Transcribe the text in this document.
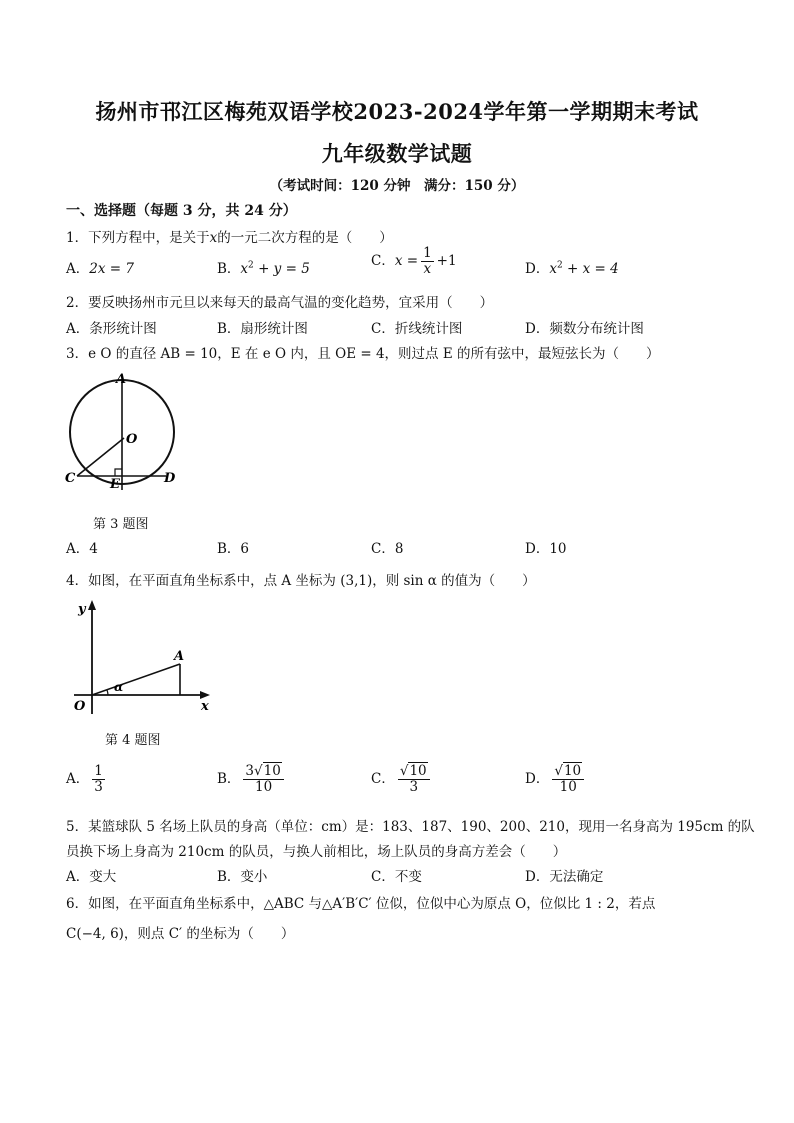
扬州市邗江区梅苑双语学校2023-2024学年第一学期期末考试
九年级数学试题
（考试时间：120 分钟　满分：150 分）
一、选择题（每题 3 分，共 24 分）
1．下列方程中，是关于x的一元二次方程的是（　　）
A．2x = 7	B．$x^2 + y = 5$	C．$x = \frac{1}{x} +1$	D．$x^2 + x = 4$
2．要反映扬州市元旦以来每天的最高气温的变化趋势，宜采用（　　）
A．条形统计图	B．扇形统计图	C．折线统计图	D．频数分布统计图
3．e O 的直径 AB = 10，E 在 e O 内，且 OE = 4，则过点 E 的所有弦中，最短弦长为（　　）
A
O
C	E	D
第 3 题图
A．4	B．6	C．8	D．10
4．如图，在平面直角坐标系中，点 A 坐标为 (3,1)，则 sin α 的值为（　　）
y
A
α
O	x
第 4 题图
A． $\frac{1}{3}$	B． $\frac{3√10}{10}$	C． $\frac{√10}{3}$	D． $\frac{√10}{10}$
5．某篮球队 5 名场上队员的身高（单位：cm）是：183、187、190、200、210，现用一名身高为 195cm 的队
员换下场上身高为 210cm 的队员，与换人前相比，场上队员的身高方差会（　　）
A．变大	B．变小	C．不变	D．无法确定
6．如图，在平面直角坐标系中，△ABC 与△A′B′C′ 位似，位似中心为原点 O，位似比 1 : 2，若点
C(−4, 6)，则点 C′ 的坐标为（　　）
